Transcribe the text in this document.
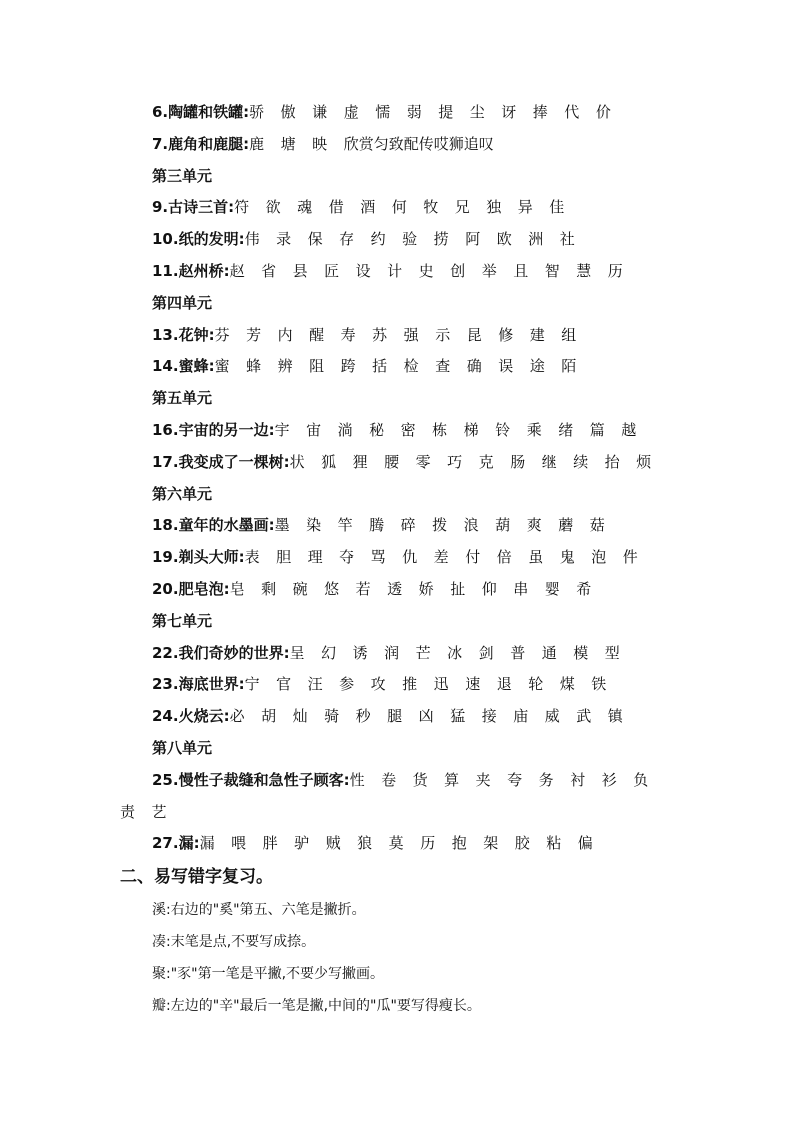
6.陶罐和铁罐:骄 傲 谦 虚 懦 弱 提 尘 讶 捧 代 价
7.鹿角和鹿腿:鹿 塘 映 欣赏匀致配传哎狮追叹
第三单元
9.古诗三首:符 欲 魂 借 酒 何 牧 兄 独 异 佳
10.纸的发明:伟 录 保 存 约 验 捞 阿 欧 洲 社
11.赵州桥:赵 省 县 匠 设 计 史 创 举 且 智 慧 历
第四单元
13.花钟:芬 芳 内 醒 寿 苏 强 示 昆 修 建 组
14.蜜蜂:蜜 蜂 辨 阻 跨 括 检 查 确 误 途 陌
第五单元
16.宇宙的另一边:宇 宙 淌 秘 密 栋 梯 铃 乘 绪 篇 越
17.我变成了一棵树:状 狐 狸 腰 零 巧 克 肠 继 续 抬 烦
第六单元
18.童年的水墨画:墨 染 竿 腾 碎 拨 浪 葫 爽 蘑 菇
19.剃头大师:表 胆 理 夺 骂 仇 差 付 倍 虽 鬼 泡 件
20.肥皂泡:皂 剩 碗 悠 若 透 娇 扯 仰 串 婴 希
第七单元
22.我们奇妙的世界:呈 幻 诱 润 芒 冰 剑 普 通 模 型
23.海底世界:宁 官 汪 参 攻 推 迅 速 退 轮 煤 铁
24.火烧云:必 胡 灿 骑 秒 腿 凶 猛 接 庙 威 武 镇
第八单元
25.慢性子裁缝和急性子顾客:性 卷 货 算 夹 夸 务 衬 衫 负
责 艺
27.漏:漏 喂 胖 驴 贼 狼 莫 历 抱 架 胶 粘 偏
二、易写错字复习。
溪:右边的"奚"第五、六笔是撇折。
凑:末笔是点,不要写成捺。
聚:"豕"第一笔是平撇,不要少写撇画。
瓣:左边的"辛"最后一笔是撇,中间的"瓜"要写得瘦长。
